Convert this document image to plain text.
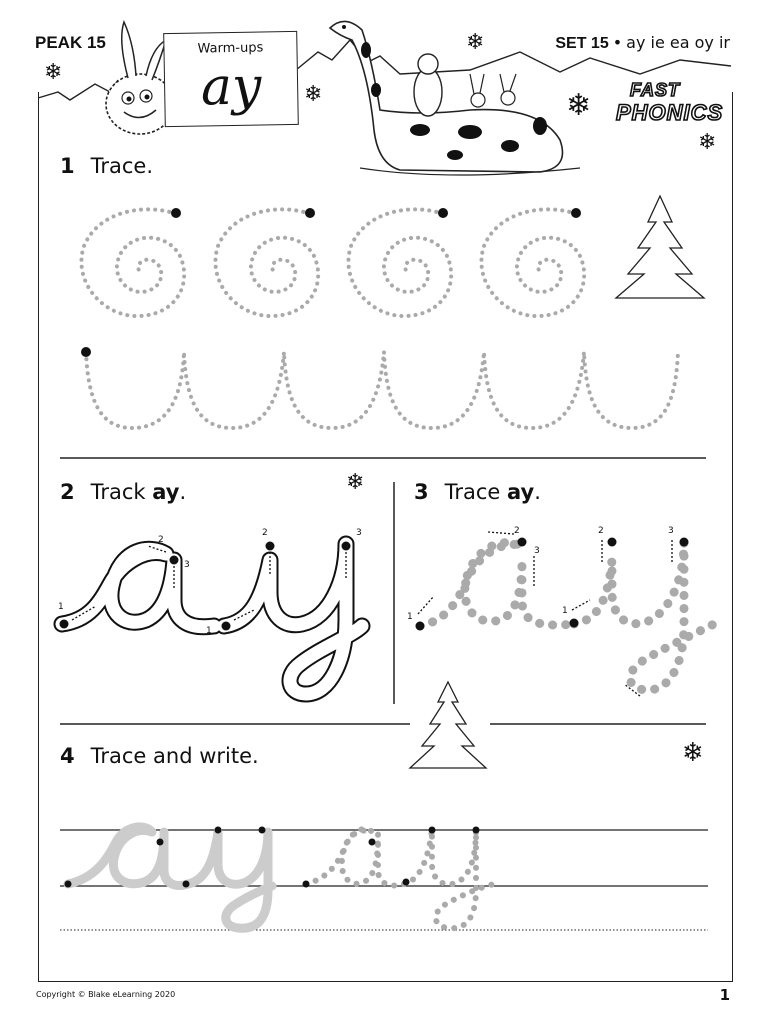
PEAK 15	SET 15 • ay ie ea oy ir
Warm-ups
ay	FAST
PHONICS
❄
❄
❄
❄
❄
❄
❄
1 Trace.
2 Track ay.	3 Trace ay.
1
2
3
1
2	3
1
2
3
1
2	3
4 Trace and write.
Copyright © Blake eLearning 2020	1
